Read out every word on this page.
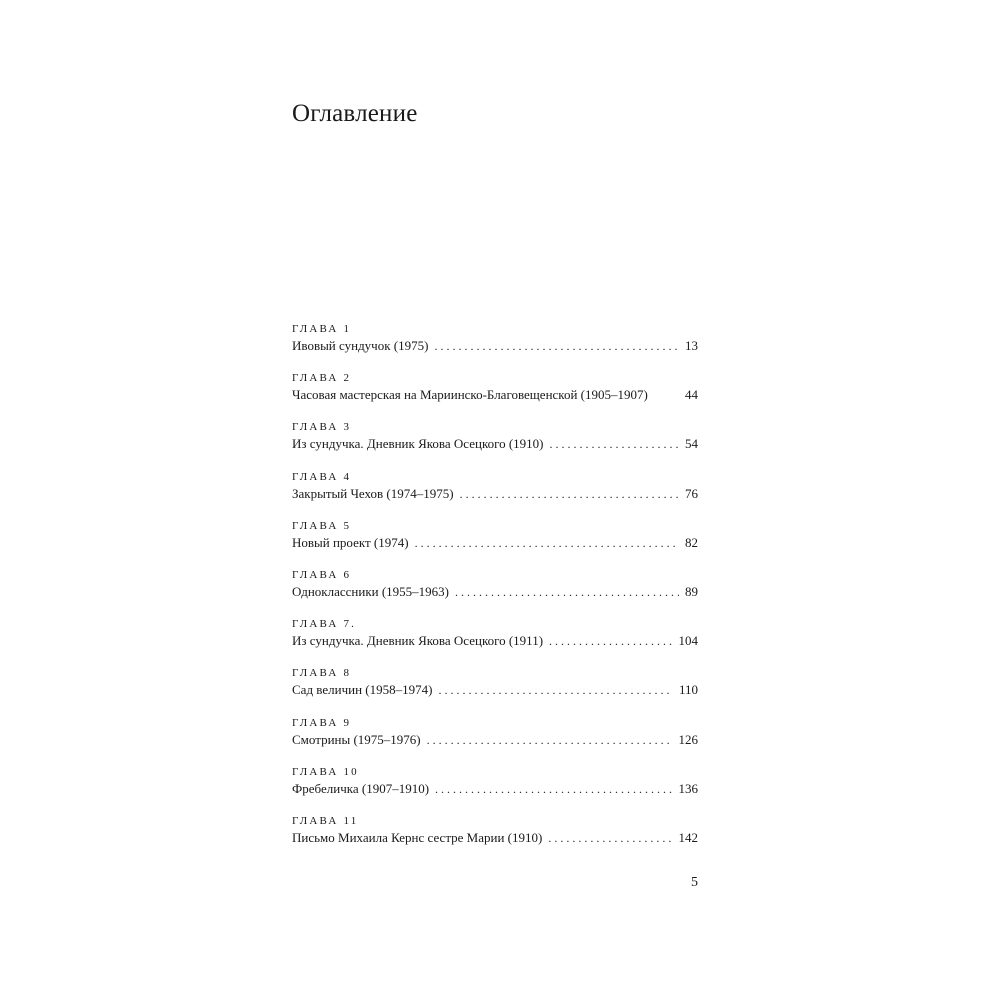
Оглавление
ГЛАВА 1
Ивовый сундучок (1975) . . .	13
ГЛАВА 2
Часовая мастерская на Мариинско-Благовещенской (1905–1907)	44
ГЛАВА 3
Из сундучка. Дневник Якова Осецкого (1910) . . .	54
ГЛАВА 4
Закрытый Чехов (1974–1975) . . .	76
ГЛАВА 5
Новый проект (1974) . . .	82
ГЛАВА 6
Одноклассники (1955–1963) . . .	89
ГЛАВА 7.
Из сундучка. Дневник Якова Осецкого (1911) . . .	104
ГЛАВА 8
Сад величин (1958–1974) . . .	110
ГЛАВА 9
Смотрины (1975–1976) . . .	126
ГЛАВА 10
Фребеличка (1907–1910) . . .	136
ГЛАВА 11
Письмо Михаила Кернс сестре Марии (1910) . . .	142
5
